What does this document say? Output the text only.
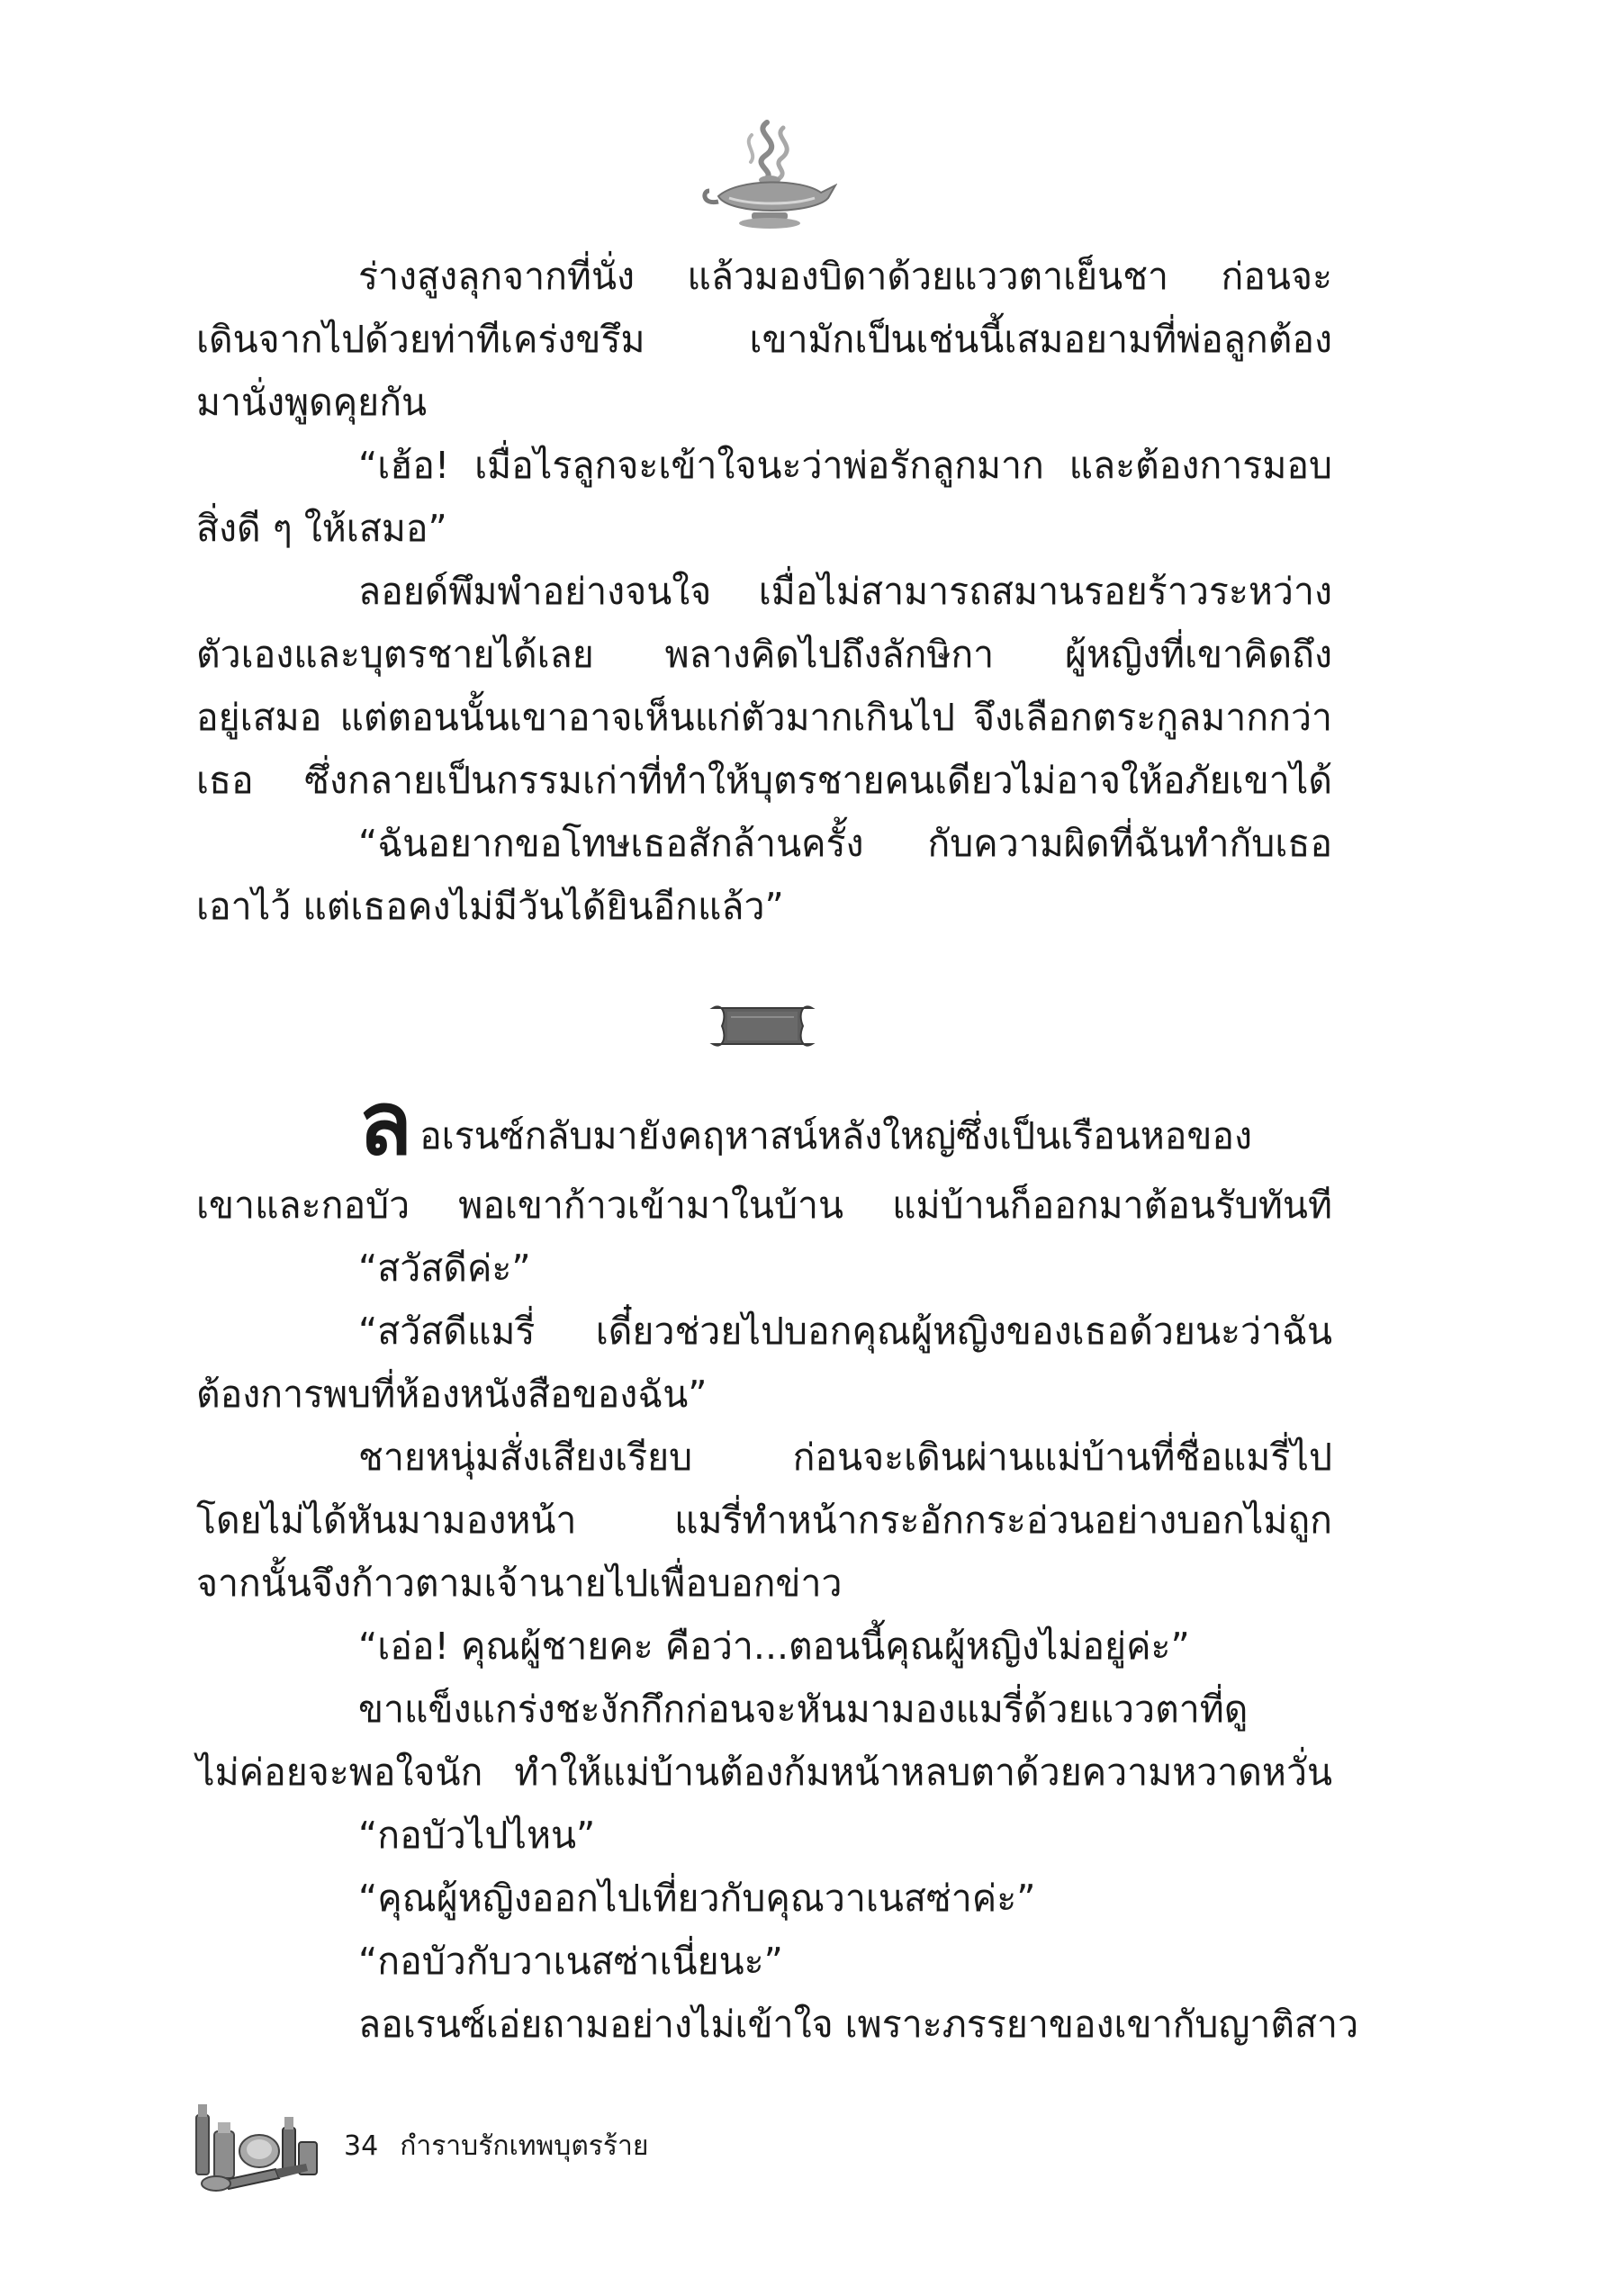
ร่างสูงลุกจากที่นั่ง แล้วมองบิดาด้วยแววตาเย็นชา ก่อนจะ
เดินจากไปด้วยท่าทีเคร่งขรึม เขามักเป็นเช่นนี้เสมอยามที่พ่อลูกต้อง
มานั่งพูดคุยกัน
“เฮ้อ! เมื่อไรลูกจะเข้าใจนะว่าพ่อรักลูกมาก และต้องการมอบ
สิ่งดี ๆ ให้เสมอ”
ลอยด์พึมพำอย่างจนใจ เมื่อไม่สามารถสมานรอยร้าวระหว่าง
ตัวเองและบุตรชายได้เลย พลางคิดไปถึงลักษิกา ผู้หญิงที่เขาคิดถึง
อยู่เสมอ แต่ตอนนั้นเขาอาจเห็นแก่ตัวมากเกินไป จึงเลือกตระกูลมากกว่า
เธอ ซึ่งกลายเป็นกรรมเก่าที่ทำให้บุตรชายคนเดียวไม่อาจให้อภัยเขาได้
“ฉันอยากขอโทษเธอสักล้านครั้ง กับความผิดที่ฉันทำกับเธอ
เอาไว้ แต่เธอคงไม่มีวันได้ยินอีกแล้ว”
ลอเรนซ์กลับมายังคฤหาสน์หลังใหญ่ซึ่งเป็นเรือนหอของ
เขาและกอบัว พอเขาก้าวเข้ามาในบ้าน แม่บ้านก็ออกมาต้อนรับทันที
“สวัสดีค่ะ”
“สวัสดีแมรี่ เดี๋ยวช่วยไปบอกคุณผู้หญิงของเธอด้วยนะว่าฉัน
ต้องการพบที่ห้องหนังสือของฉัน”
ชายหนุ่มสั่งเสียงเรียบ ก่อนจะเดินผ่านแม่บ้านที่ชื่อแมรี่ไป
โดยไม่ได้หันมามองหน้า แมรี่ทำหน้ากระอักกระอ่วนอย่างบอกไม่ถูก
จากนั้นจึงก้าวตามเจ้านายไปเพื่อบอกข่าว
“เอ่อ! คุณผู้ชายคะ คือว่า...ตอนนี้คุณผู้หญิงไม่อยู่ค่ะ”
ขาแข็งแกร่งชะงักกึกก่อนจะหันมามองแมรี่ด้วยแววตาที่ดู
ไม่ค่อยจะพอใจนัก ทำให้แม่บ้านต้องก้มหน้าหลบตาด้วยความหวาดหวั่น
“กอบัวไปไหน”
“คุณผู้หญิงออกไปเที่ยวกับคุณวาเนสซ่าค่ะ”
“กอบัวกับวาเนสซ่าเนี่ยนะ”
ลอเรนซ์เอ่ยถามอย่างไม่เข้าใจ เพราะภรรยาของเขากับญาติสาว
34 กำราบรักเทพบุตรร้าย
